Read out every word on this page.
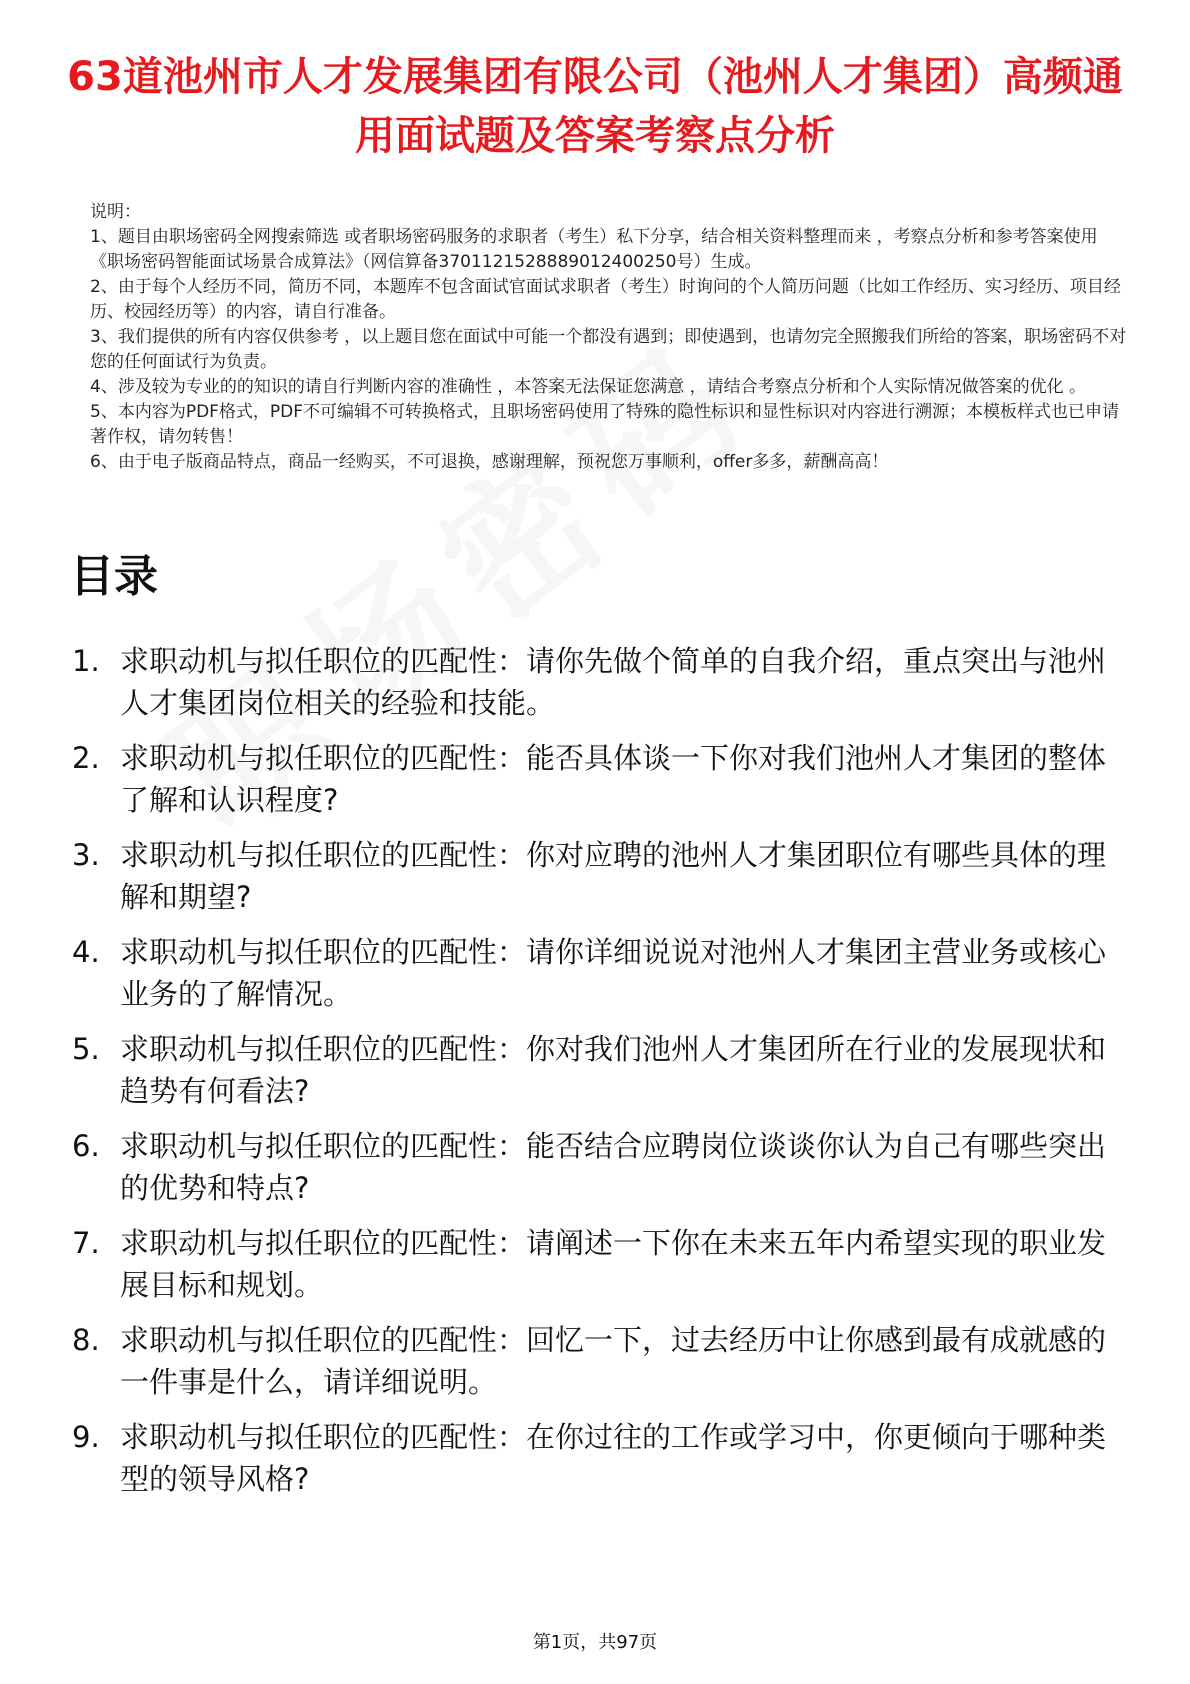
63道池州市人才发展集团有限公司（池州人才集团）高频通用面试题及答案考察点分析

说明：

1、题目由职场密码全网搜索筛选 或者职场密码服务的求职者（考生）私下分享，结合相关资料整理而来 ，考察点分析和参考答案使用《职场密码智能面试场景合成算法》（网信算备3701121528889012400250号）生成。

2、由于每个人经历不同，简历不同，本题库不包含面试官面试求职者（考生）时询问的个人简历问题（比如工作经历、实习经历、项目经历、校园经历等）的内容，请自行准备。

3、我们提供的所有内容仅供参考 ，以上题目您在面试中可能一个都没有遇到；即使遇到，也请勿完全照搬我们所给的答案，职场密码不对您的任何面试行为负责。

4、涉及较为专业的的知识的请自行判断内容的准确性 ，本答案无法保证您满意 ，请结合考察点分析和个人实际情况做答案的优化 。

5、本内容为PDF格式，PDF不可编辑不可转换格式，且职场密码使用了特殊的隐性标识和显性标识对内容进行溯源；本模板样式也已申请著作权，请勿转售！

6、由于电子版商品特点，商品一经购买，不可退换，感谢理解，预祝您万事顺利，offer多多，薪酬高高！

目录
1. 求职动机与拟任职位的匹配性：请你先做个简单的自我介绍，重点突出与池州人才集团岗位相关的经验和技能。
2. 求职动机与拟任职位的匹配性：能否具体谈一下你对我们池州人才集团的整体了解和认识程度?
3. 求职动机与拟任职位的匹配性：你对应聘的池州人才集团职位有哪些具体的理解和期望?
4. 求职动机与拟任职位的匹配性：请你详细说说对池州人才集团主营业务或核心业务的了解情况。
5. 求职动机与拟任职位的匹配性：你对我们池州人才集团所在行业的发展现状和趋势有何看法?
6. 求职动机与拟任职位的匹配性：能否结合应聘岗位谈谈你认为自己有哪些突出的优势和特点?
7. 求职动机与拟任职位的匹配性：请阐述一下你在未来五年内希望实现的职业发展目标和规划。
8. 求职动机与拟任职位的匹配性：回忆一下，过去经历中让你感到最有成就感的一件事是什么，请详细说明。
9. 求职动机与拟任职位的匹配性：在你过往的工作或学习中，你更倾向于哪种类型的领导风格?
第1页，共97页
